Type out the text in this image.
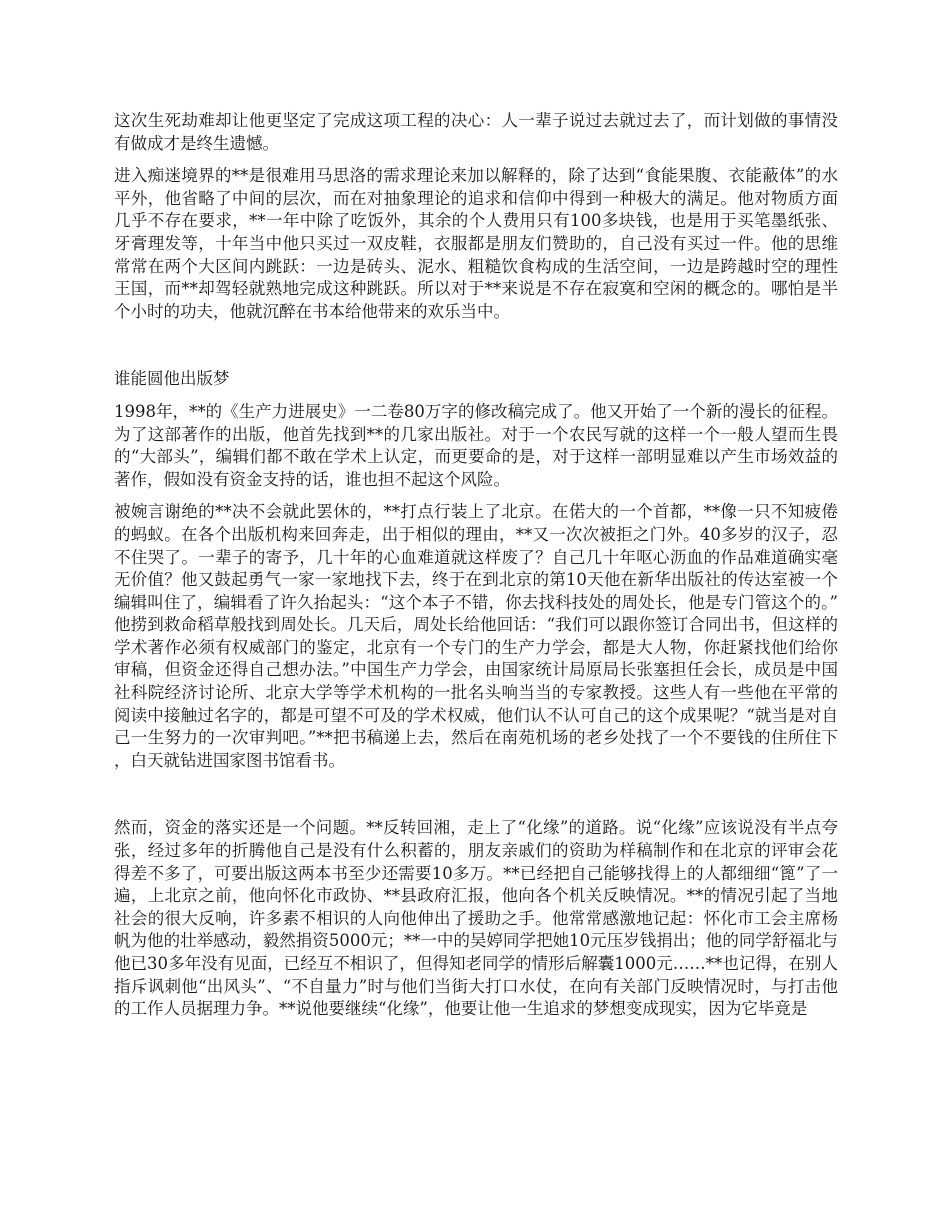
这次生死劫难却让他更坚定了完成这项工程的决心：人一辈子说过去就过去了，而计划做的事情没有做成才是终生遗憾。

进入痴迷境界的**是很难用马思洛的需求理论来加以解释的，除了达到“食能果腹、衣能蔽体”的水平外，他省略了中间的层次，而在对抽象理论的追求和信仰中得到一种极大的满足。他对物质方面几乎不存在要求，**一年中除了吃饭外，其余的个人费用只有100多块钱，也是用于买笔墨纸张、牙膏理发等，十年当中他只买过一双皮鞋，衣服都是朋友们赞助的，自己没有买过一件。他的思维常常在两个大区间内跳跃：一边是砖头、泥水、粗糙饮食构成的生活空间，一边是跨越时空的理性王国，而**却驾轻就熟地完成这种跳跃。所以对于**来说是不存在寂寞和空闲的概念的。哪怕是半个小时的功夫，他就沉醉在书本给他带来的欢乐当中。

谁能圆他出版梦

1998年，**的《生产力进展史》一二卷80万字的修改稿完成了。他又开始了一个新的漫长的征程。为了这部著作的出版，他首先找到**的几家出版社。对于一个农民写就的这样一个一般人望而生畏的“大部头”，编辑们都不敢在学术上认定，而更要命的是，对于这样一部明显难以产生市场效益的著作，假如没有资金支持的话，谁也担不起这个风险。

被婉言谢绝的**决不会就此罢休的，**打点行装上了北京。在偌大的一个首都，**像一只不知疲倦的蚂蚁。在各个出版机构来回奔走，出于相似的理由，**又一次次被拒之门外。40多岁的汉子，忍不住哭了。一辈子的寄予，几十年的心血难道就这样废了？自己几十年呕心沥血的作品难道确实毫无价值？他又鼓起勇气一家一家地找下去，终于在到北京的第10天他在新华出版社的传达室被一个编辑叫住了，编辑看了许久抬起头：“这个本子不错，你去找科技处的周处长，他是专门管这个的。”他捞到救命稻草般找到周处长。几天后，周处长给他回话：“我们可以跟你签订合同出书，但这样的学术著作必须有权威部门的鉴定，北京有一个专门的生产力学会，都是大人物，你赶紧找他们给你审稿，但资金还得自己想办法。”中国生产力学会，由国家统计局原局长张塞担任会长，成员是中国社科院经济讨论所、北京大学等学术机构的一批名头响当当的专家教授。这些人有一些他在平常的阅读中接触过名字的，都是可望不可及的学术权威，他们认不认可自己的这个成果呢？“就当是对自己一生努力的一次审判吧。”**把书稿递上去，然后在南苑机场的老乡处找了一个不要钱的住所住下，白天就钻进国家图书馆看书。

然而，资金的落实还是一个问题。**反转回湘，走上了“化缘”的道路。说“化缘”应该说没有半点夸张，经过多年的折腾他自己是没有什么积蓄的，朋友亲戚们的资助为样稿制作和在北京的评审会花得差不多了，可要出版这两本书至少还需要10多万。**已经把自己能够找得上的人都细细“篦”了一遍，上北京之前，他向怀化市政协、**县政府汇报，他向各个机关反映情况。**的情况引起了当地社会的很大反响，许多素不相识的人向他伸出了援助之手。他常常感激地记起：怀化市工会主席杨帆为他的壮举感动，毅然捐资5000元；**一中的吴婷同学把她10元压岁钱捐出；他的同学舒福北与他已30多年没有见面，已经互不相识了，但得知老同学的情形后解囊1000元……**也记得，在别人指斥讽刺他“出风头”、“不自量力”时与他们当街大打口水仗，在向有关部门反映情况时，与打击他的工作人员据理力争。**说他要继续“化缘”，他要让他一生追求的梦想变成现实，因为它毕竟是
